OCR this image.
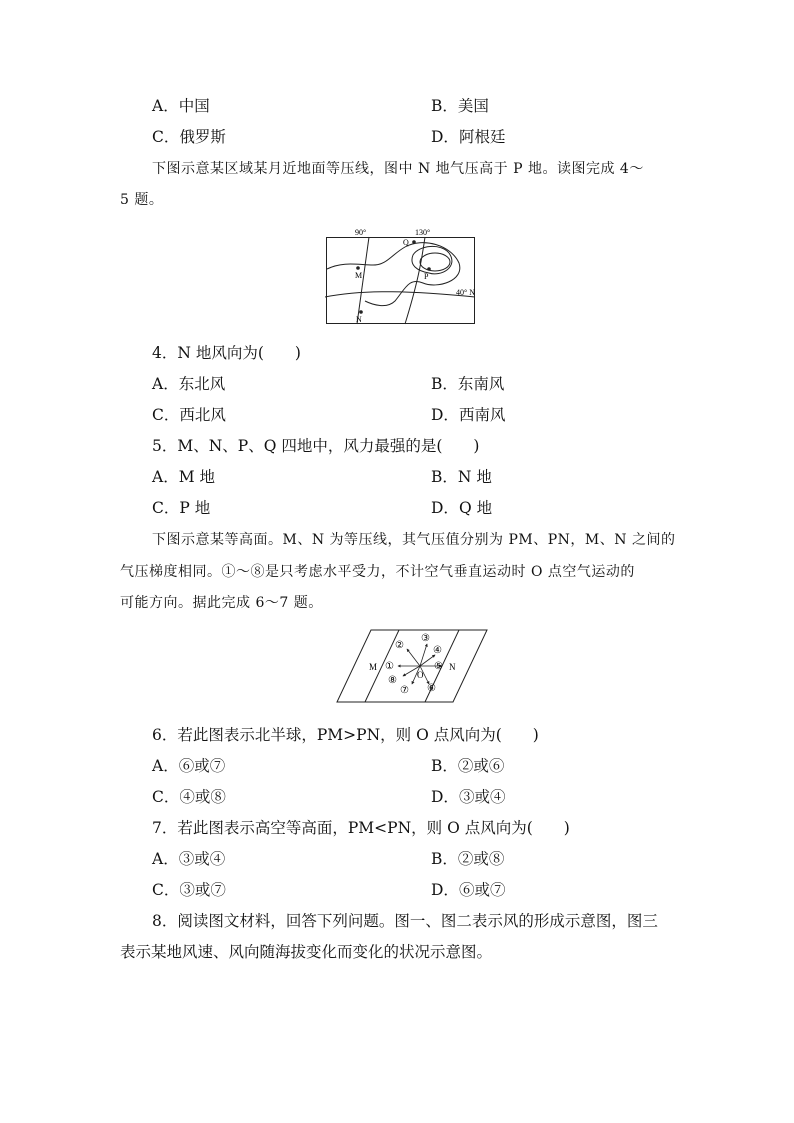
A．中国	B．美国
C．俄罗斯	D．阿根廷
下图示意某区域某月近地面等压线，图中 N 地气压高于 P 地。读图完成 4～
5 题。
90°	130°
40° N
M
N
P
Q
4．N 地风向为(　　)
A．东北风	B．东南风
C．西北风	D．西南风
5．M、N、P、Q 四地中，风力最强的是(　　)
A．M 地	B．N 地
C．P 地	D．Q 地
下图示意某等高面。M、N 为等压线，其气压值分别为 PM、PN，M、N 之间的
气压梯度相同。①～⑧是只考虑水平受力，不计空气垂直运动时 O 点空气运动的
可能方向。据此完成 6～7 题。
M	N
O
①
②
③
④
⑤
⑥
⑦
⑧
6．若此图表示北半球，PM>PN，则 O 点风向为(　　)
A．⑥或⑦	B．②或⑥
C．④或⑧	D．③或④
7．若此图表示高空等高面，PM<PN，则 O 点风向为(　　)
A．③或④	B．②或⑧
C．③或⑦	D．⑥或⑦
8．阅读图文材料，回答下列问题。图一、图二表示风的形成示意图，图三
表示某地风速、风向随海拔变化而变化的状况示意图。
